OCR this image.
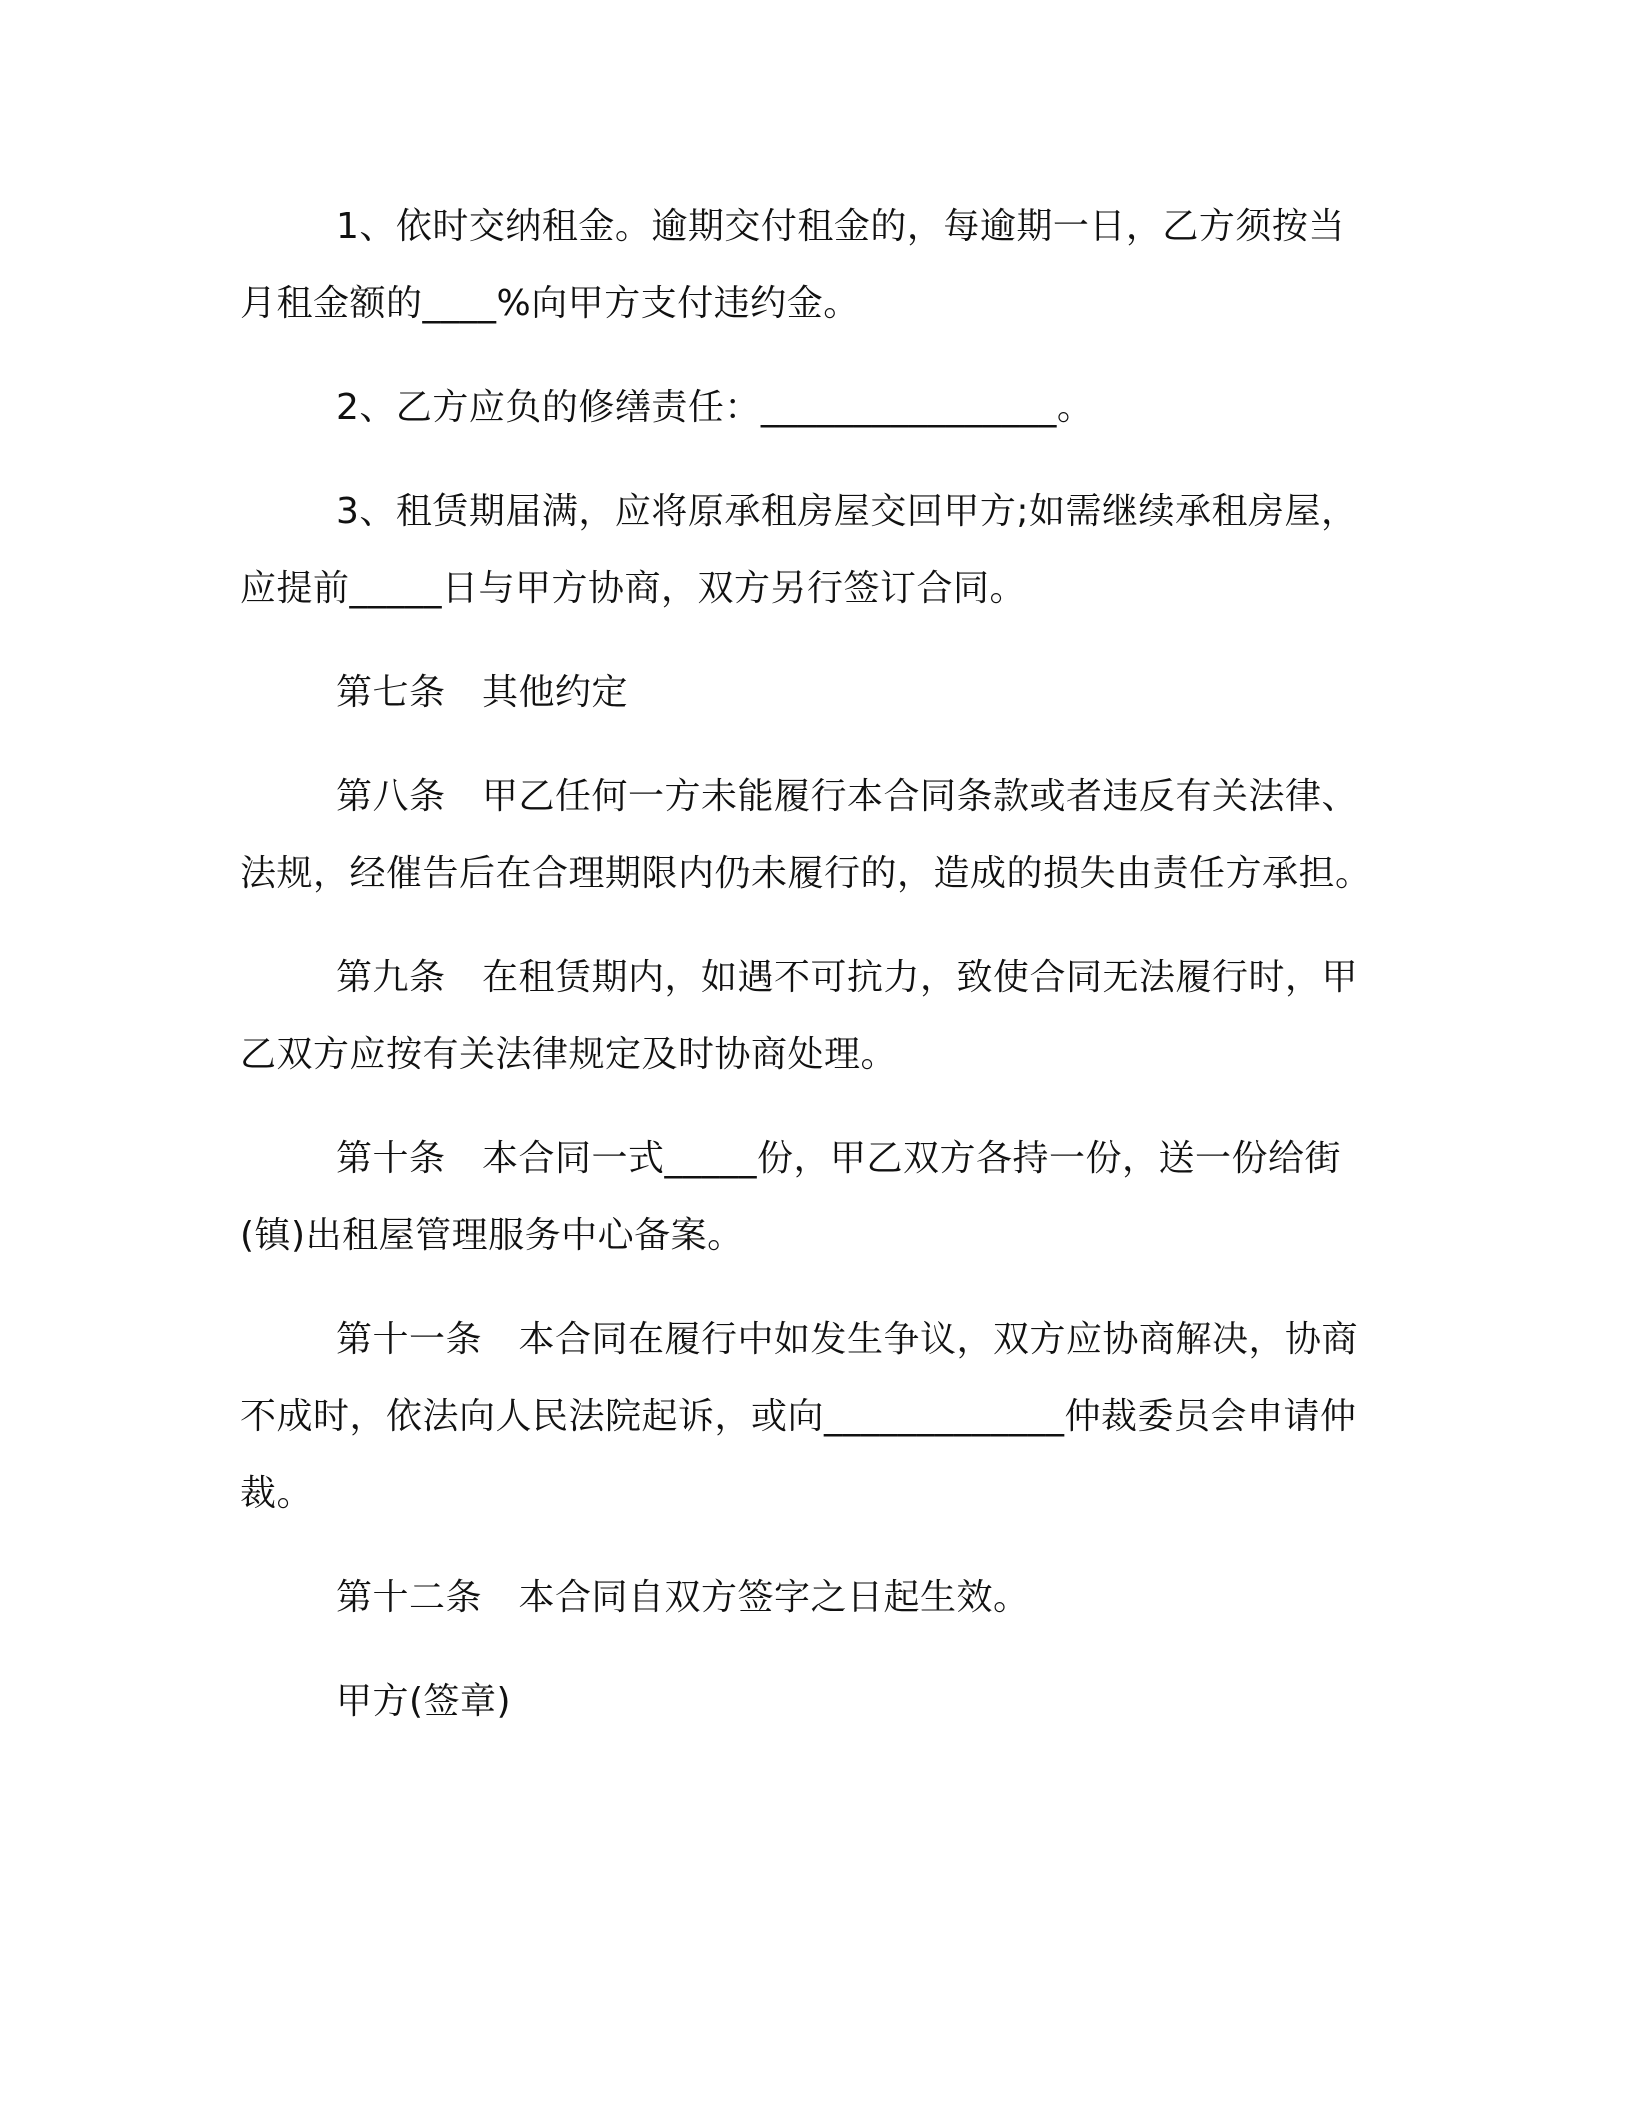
1、依时交纳租金。逾期交付租金的，每逾期一日，乙方须按当月租金额的____%向甲方支付违约金。

2、乙方应负的修缮责任：________________。

3、租赁期届满，应将原承租房屋交回甲方;如需继续承租房屋，应提前_____日与甲方协商，双方另行签订合同。

第七条　其他约定

第八条　甲乙任何一方未能履行本合同条款或者违反有关法律、法规，经催告后在合理期限内仍未履行的，造成的损失由责任方承担。

第九条　在租赁期内，如遇不可抗力，致使合同无法履行时，甲乙双方应按有关法律规定及时协商处理。

第十条　本合同一式_____份，甲乙双方各持一份，送一份给街(镇)出租屋管理服务中心备案。

第十一条　本合同在履行中如发生争议，双方应协商解决，协商不成时，依法向人民法院起诉，或向_____________仲裁委员会申请仲裁。

第十二条　本合同自双方签字之日起生效。

甲方(签章)
